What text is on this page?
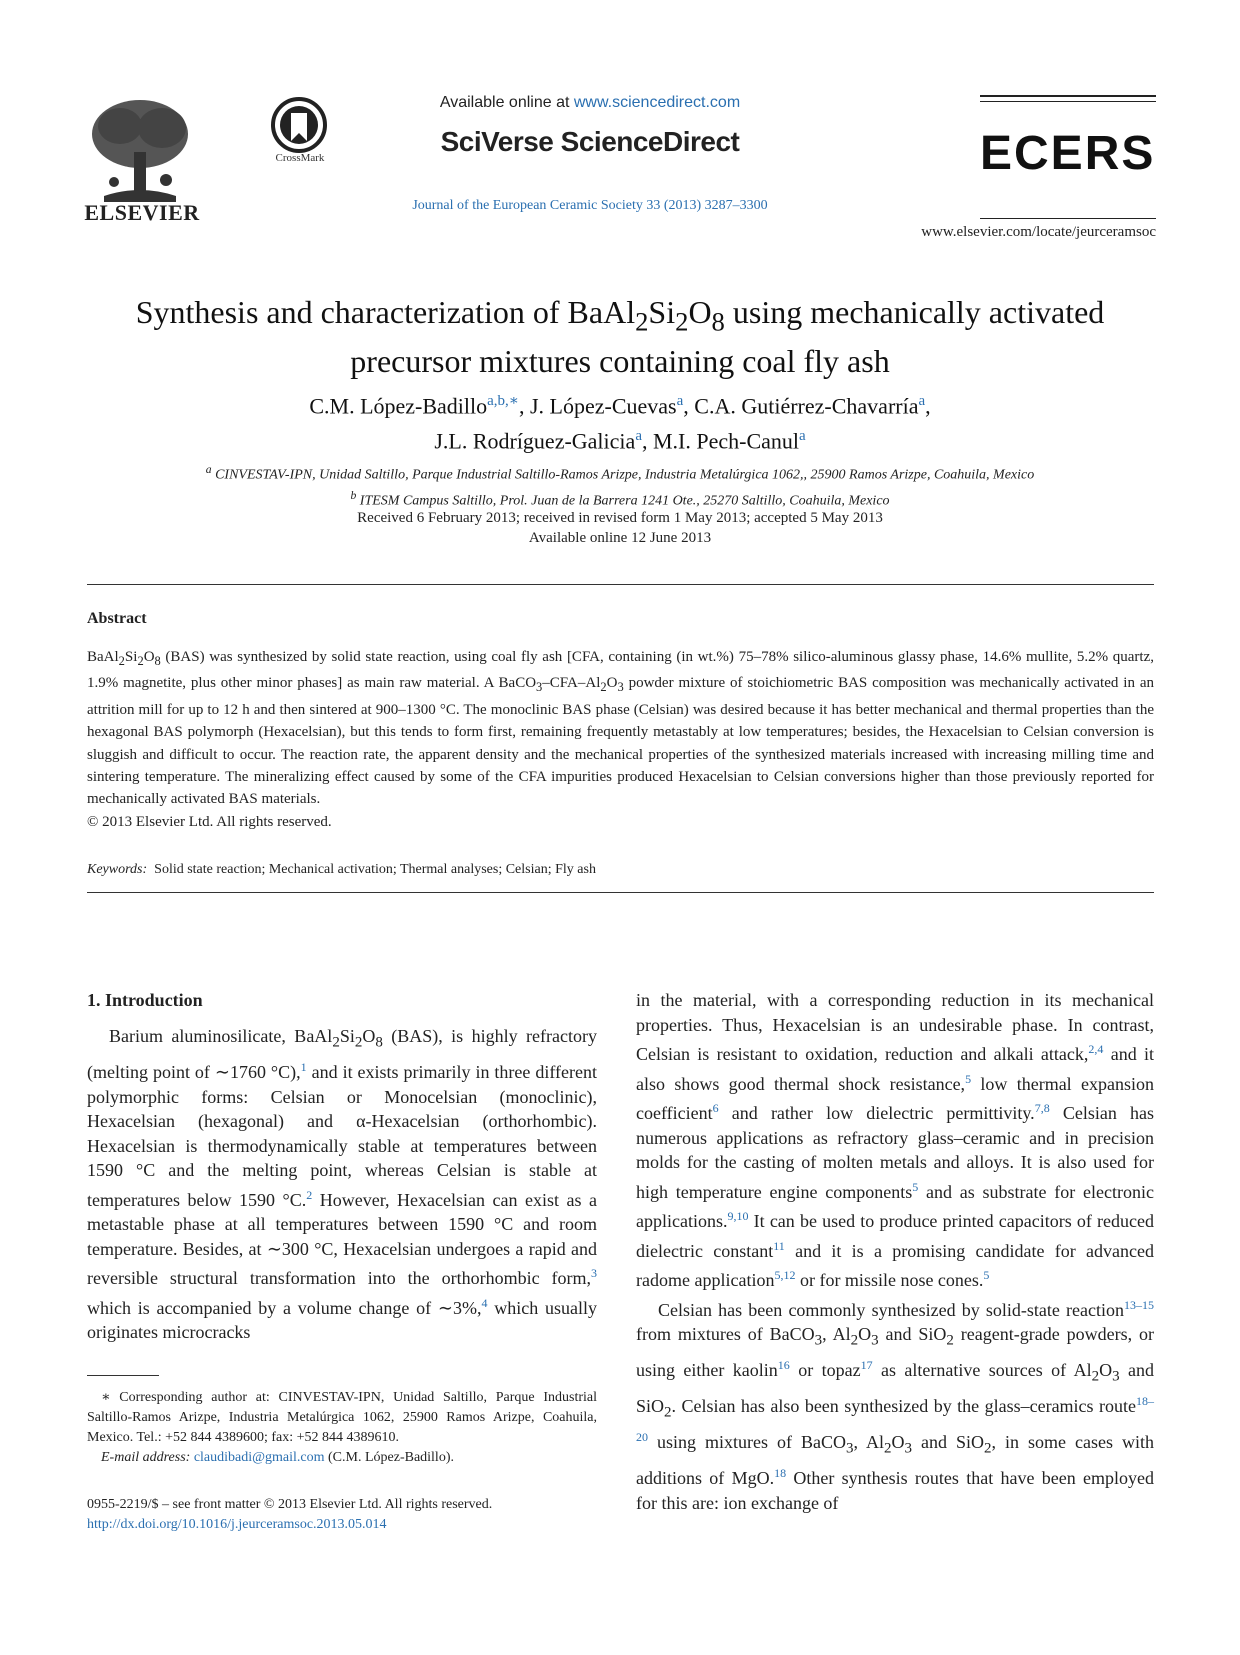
ELSEVIER
CrossMark
Available online at www.sciencedirect.com
SciVerse ScienceDirect
Journal of the European Ceramic Society 33 (2013) 3287–3300
ECERS
www.elsevier.com/locate/jeurceramsoc
Synthesis and characterization of $BaAl_2Si_2O_8$ using mechanically activated
precursor mixtures containing coal fly ash
C.M. López-Badillo$^{a,b,∗}$, J. López-Cuevas$^a$, C.A. Gutiérrez-Chavarría$^a$,
J.L. Rodríguez-Galicia$^a$, M.I. Pech-Canul$^a$
$^a$ CINVESTAV-IPN, Unidad Saltillo, Parque Industrial Saltillo-Ramos Arizpe, Industria Metalúrgica 1062,, 25900 Ramos Arizpe, Coahuila, Mexico
$^b$ ITESM Campus Saltillo, Prol. Juan de la Barrera 1241 Ote., 25270 Saltillo, Coahuila, Mexico
Received 6 February 2013; received in revised form 1 May 2013; accepted 5 May 2013
Available online 12 June 2013
Abstract
$BaAl_2Si_2O_8$ (BAS) was synthesized by solid state reaction, using coal fly ash [CFA, containing (in wt.%) 75–78% silico-aluminous glassy phase, 14.6% mullite, 5.2% quartz, 1.9% magnetite, plus other minor phases] as main raw material. A $BaCO_3-CFA-Al_2O_3$ powder mixture of stoichiometric BAS composition was mechanically activated in an attrition mill for up to 12 h and then sintered at 900–1300 °C. The monoclinic BAS phase (Celsian) was desired because it has better mechanical and thermal properties than the hexagonal BAS polymorph (Hexacelsian), but this tends to form first, remaining frequently metastably at low temperatures; besides, the Hexacelsian to Celsian conversion is sluggish and difficult to occur. The reaction rate, the apparent density and the mechanical properties of the synthesized materials increased with increasing milling time and sintering temperature. The mineralizing effect caused by some of the CFA impurities produced Hexacelsian to Celsian conversions higher than those previously reported for mechanically activated BAS materials.
© 2013 Elsevier Ltd. All rights reserved.
Keywords: Solid state reaction; Mechanical activation; Thermal analyses; Celsian; Fly ash
1. Introduction

Barium aluminosilicate, $BaAl_2Si_2O_8$ (BAS), is highly refractory (melting point of ∼1760 °C),$^1$ and it exists primarily in three different polymorphic forms: Celsian or Monocelsian (monoclinic), Hexacelsian (hexagonal) and α-Hexacelsian (orthorhombic). Hexacelsian is thermodynamically stable at temperatures between 1590 °C and the melting point, whereas Celsian is stable at temperatures below 1590 °C.$^2$ However, Hexacelsian can exist as a metastable phase at all temperatures between 1590 °C and room temperature. Besides, at ∼300 °C, Hexacelsian undergoes a rapid and reversible structural transformation into the orthorhombic form,$^3$ which is accompanied by a volume change of ∼3%,$^4$ which usually originates microcracks

in the material, with a corresponding reduction in its mechanical properties. Thus, Hexacelsian is an undesirable phase. In contrast, Celsian is resistant to oxidation, reduction and alkali attack,$^{2,4}$ and it also shows good thermal shock resistance,$^5$ low thermal expansion coefficient$^6$ and rather low dielectric permittivity.$^{7,8}$ Celsian has numerous applications as refractory glass–ceramic and in precision molds for the casting of molten metals and alloys. It is also used for high temperature engine components$^5$ and as substrate for electronic applications.$^{9,10}$ It can be used to produce printed capacitors of reduced dielectric constant$^{11}$ and it is a promising candidate for advanced radome application$^{5,12}$ or for missile nose cones.$^5$

Celsian has been commonly synthesized by solid-state reaction$^{13-15}$ from mixtures of BaCO$_3$, $Al_2O_3$ and SiO$_2$ reagent-grade powders, or using either kaolin$^{16}$ or topaz$^{17}$ as alternative sources of $Al_2O_3$ and SiO$_2$. Celsian has also been synthesized by the glass–ceramics route$^{18-20}$ using mixtures of BaCO$_3$, $Al_2O_3$ and SiO$_2$, in some cases with additions of MgO.$^{18}$ Other synthesis routes that have been employed for this are: ion exchange of

∗ Corresponding author at: CINVESTAV-IPN, Unidad Saltillo, Parque Industrial Saltillo-Ramos Arizpe, Industria Metalúrgica 1062, 25900 Ramos Arizpe, Coahuila, Mexico. Tel.: +52 844 4389600; fax: +52 844 4389610.
E-mail address: claudibadi@gmail.com (C.M. López-Badillo).
0955-2219/$ – see front matter © 2013 Elsevier Ltd. All rights reserved.
http://dx.doi.org/10.1016/j.jeurceramsoc.2013.05.014
